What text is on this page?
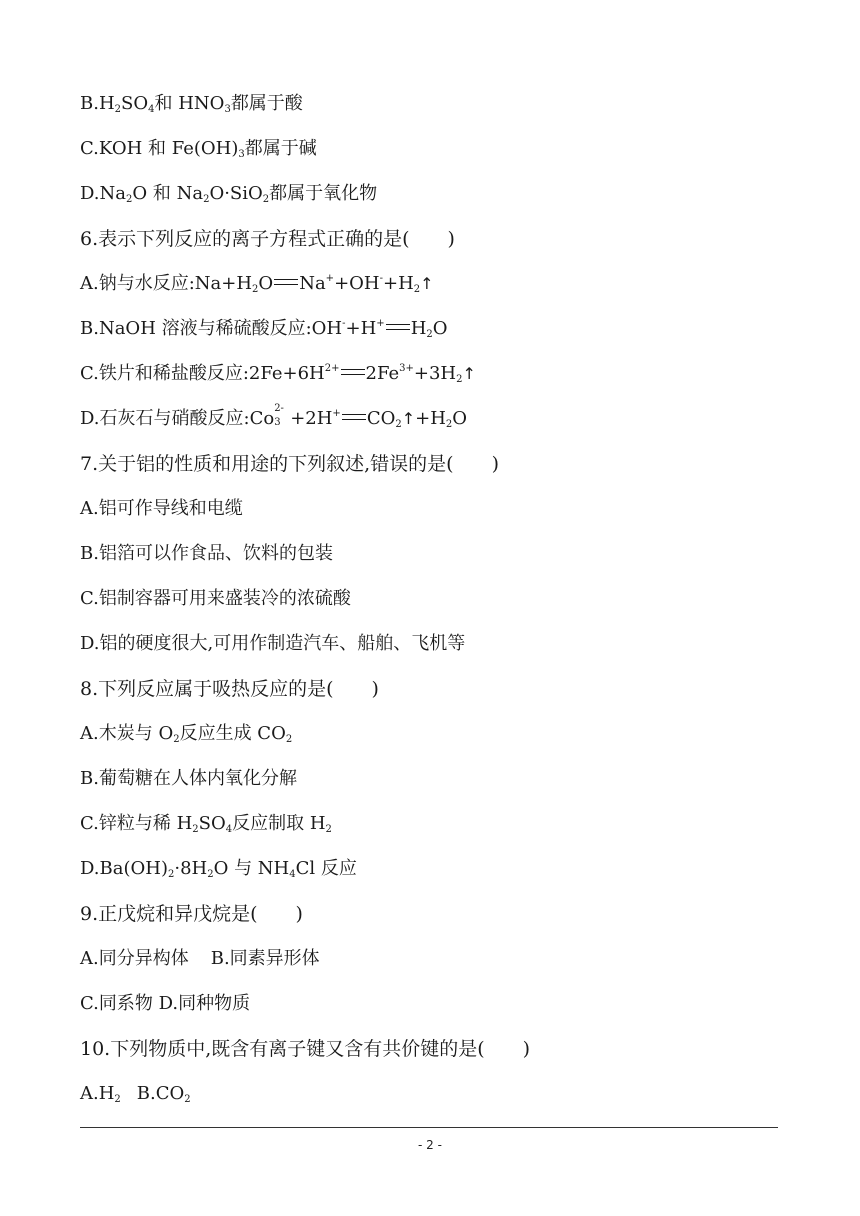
$B.H_2SO_4$和 $HNO_3$都属于酸
C.KOH 和 $Fe(OH)_3$都属于碱
$D.Na_2O$ 和 $Na_2O\cdot SiO_2$都属于氧化物
6.表示下列反应的离子方程式正确的是(　　)
A.钠与水反应$:Na+H_2O$ $Na^++OH^-+H_2↑$
B.NaOH 溶液与稀硫酸反应:OH-+H+ $H_2O$
C.铁片和稀盐酸反应$:2Fe+6H^{2+}$ $2Fe^{3+}+3H_2↑$
D.石灰石与硝酸反应:Co 2-
3 +2H+ $CO_2↑+H_2O$
7.关于铝的性质和用途的下列叙述,错误的是(　　)
A.铝可作导线和电缆
B.铝箔可以作食品、饮料的包装
C.铝制容器可用来盛装冷的浓硫酸
D.铝的硬度很大,可用作制造汽车、船舶、飞机等
8.下列反应属于吸热反应的是(　　)
A.木炭与 $O_2$反应生成 $CO_2$
B.葡萄糖在人体内氧化分解
C.锌粒与稀 $H_2SO_4$反应制取 $H_2$
$D.Ba(OH)_2\cdot 8H_2O$ 与 $NH_4Cl$ 反应
9.正戊烷和异戊烷是(　　)
A.同分异构体 B.同素异形体
C.同系物 D.同种物质
10.下列物质中,既含有离子键又含有共价键的是(　　)
$A.H_2$ $B.CO_2$
- 2 -
